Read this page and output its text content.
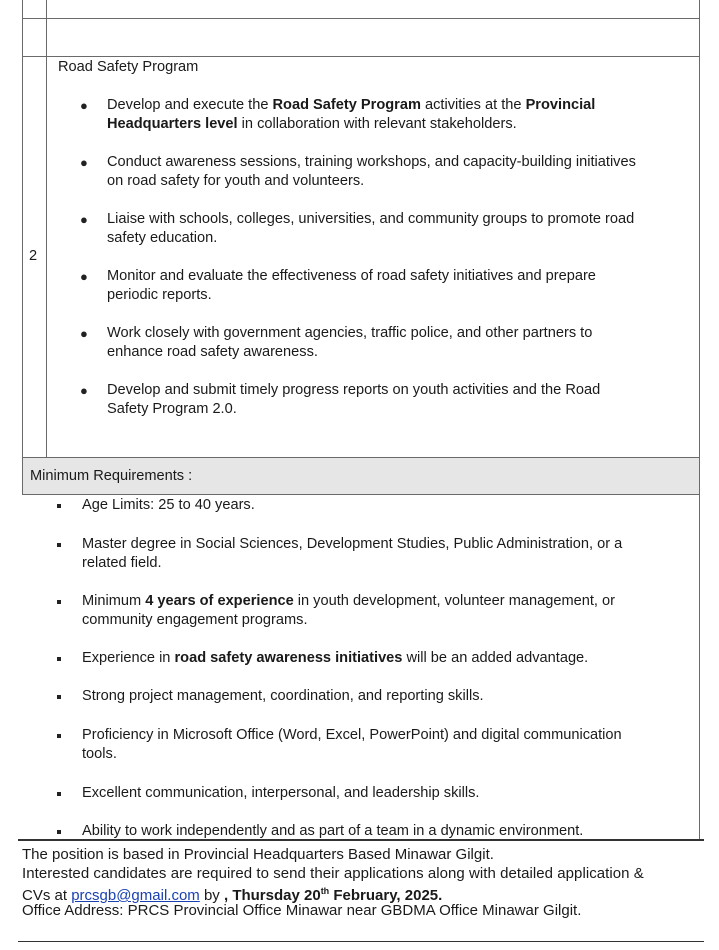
2
Road Safety Program
● Develop and execute the Road Safety Program activities at the Provincial
Headquarters level in collaboration with relevant stakeholders.
● Conduct awareness sessions, training workshops, and capacity-building initiatives
on road safety for youth and volunteers.
● Liaise with schools, colleges, universities, and community groups to promote road
safety education.
● Monitor and evaluate the effectiveness of road safety initiatives and prepare
periodic reports.
● Work closely with government agencies, traffic police, and other partners to
enhance road safety awareness.
● Develop and submit timely progress reports on youth activities and the Road
Safety Program 2.0.
Minimum Requirements :
Age Limits: 25 to 40 years.
Master degree in Social Sciences, Development Studies, Public Administration, or a
related field.
Minimum 4 years of experience in youth development, volunteer management, or
community engagement programs.
Experience in road safety awareness initiatives will be an added advantage.
Strong project management, coordination, and reporting skills.
Proficiency in Microsoft Office (Word, Excel, PowerPoint) and digital communication
tools.
Excellent communication, interpersonal, and leadership skills.
Ability to work independently and as part of a team in a dynamic environment.
The position is based in Provincial Headquarters Based Minawar Gilgit.
Interested candidates are required to send their applications along with detailed application &
CVs at prcsgb@gmail.com by , Thursday 20th February, 2025.
Office Address: PRCS Provincial Office Minawar near GBDMA Office Minawar Gilgit.
